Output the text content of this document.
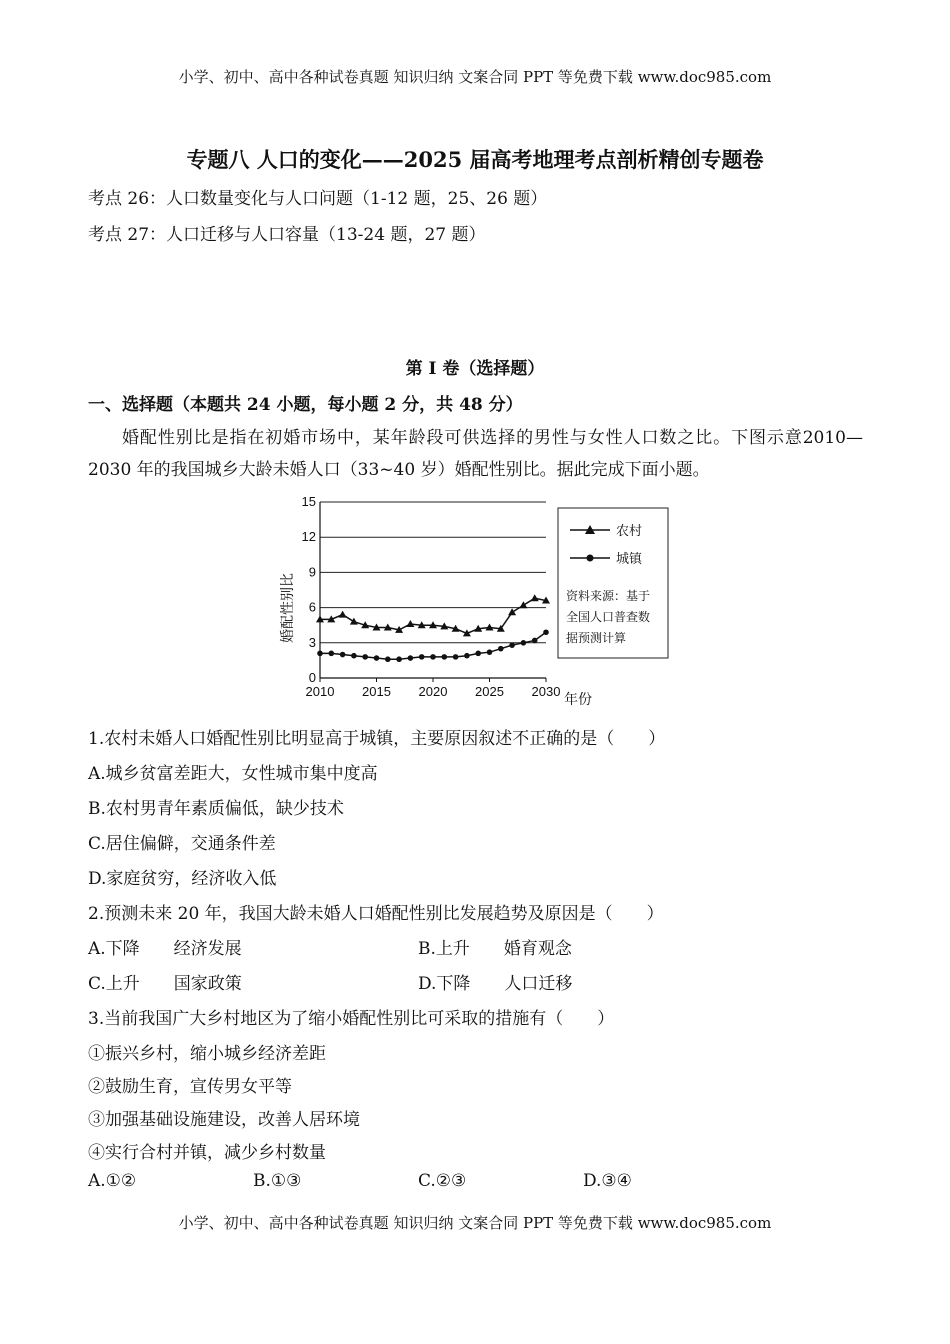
小学、初中、高中各种试卷真题 知识归纳 文案合同 PPT 等免费下载 www.doc985.com
专题八 人口的变化——2025 届高考地理考点剖析精创专题卷
考点 26：人口数量变化与人口问题（1-12 题，25、26 题）
考点 27：人口迁移与人口容量（13-24 题，27 题）
第 I 卷（选择题）
一、选择题（本题共 24 小题，每小题 2 分，共 48 分）
婚配性别比是指在初婚市场中，某年龄段可供选择的男性与女性人口数之比。下图示意2010—2030 年的我国城乡大龄未婚人口（33~40 岁）婚配性别比。据此完成下面小题。
0
3
6
9
12
15
2010 2015 2020 2025 2030
农村
城镇
资料来源：基于
全国人口普查数
据预测计算
婚配性别比
年份
1.农村未婚人口婚配性别比明显高于城镇，主要原因叙述不正确的是（　　）
A.城乡贫富差距大，女性城市集中度高
B.农村男青年素质偏低，缺少技术
C.居住偏僻，交通条件差
D.家庭贫穷，经济收入低
2.预测未来 20 年，我国大龄未婚人口婚配性别比发展趋势及原因是（　　）
A.下降　　经济发展	B.上升　　婚育观念
C.上升　　国家政策	D.下降　　人口迁移
3.当前我国广大乡村地区为了缩小婚配性别比可采取的措施有（　　）
①振兴乡村，缩小城乡经济差距
②鼓励生育，宣传男女平等
③加强基础设施建设，改善人居环境
④实行合村并镇，减少乡村数量
A.①②	B.①③	C.②③	D.③④
小学、初中、高中各种试卷真题 知识归纳 文案合同 PPT 等免费下载 www.doc985.com
